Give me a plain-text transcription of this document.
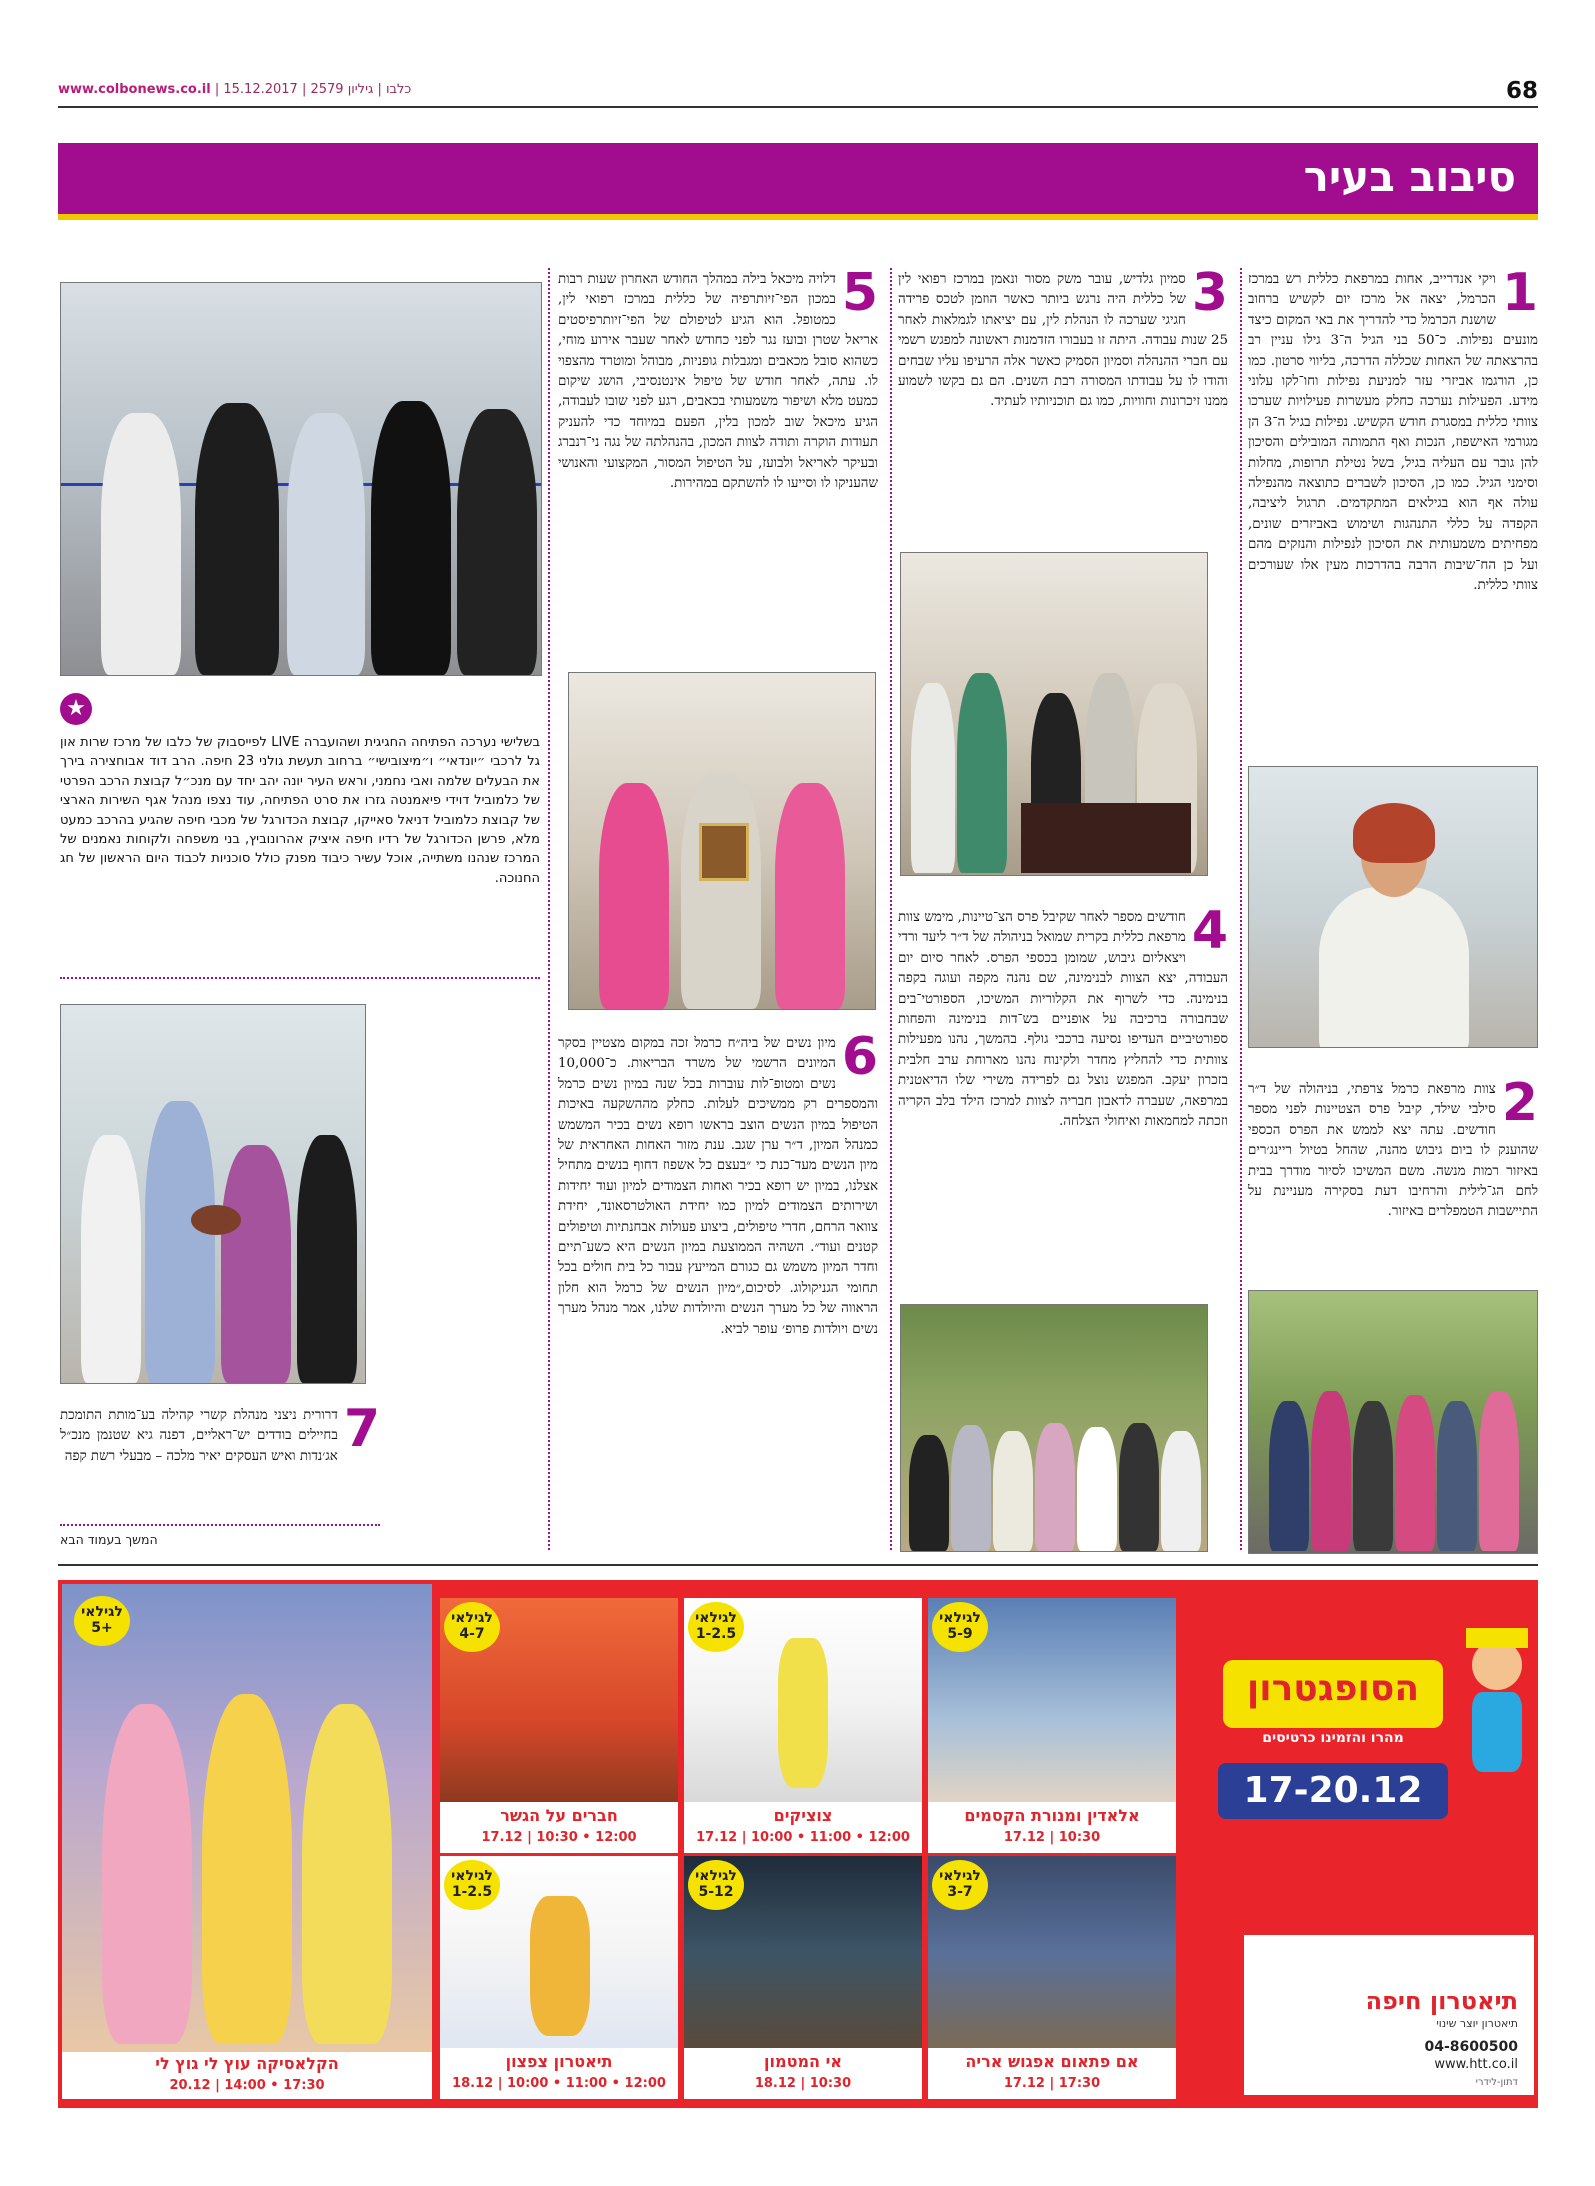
www.colbonews.co.il | כלבו | גיליון 2579 | 15.12.2017	68
סיבוב בעיר
1
ויקי אנדרייב, אחות במרפאת כללית רש במרכז הכרמל, יצאה אל מרכז יום לקשיש ברחוב שושנת הכרמל כדי להדריך את באי המקום כיצד מונעים נפילות. כ־50 בני הגיל ה־3 גילו עניין רב בהרצאתה של האחות שכללה הדרכה, בליווי סרטון. כמו כן, הורגמו אביזרי עזר למניעת נפילות וחו־לקו עלוני מידע. הפעילות נערכה כחלק מעשרות פעילויות שערכו צוותי כללית במסגרת חודש הקשיש. נפילות בגיל ה־3 הן מגורמי האישפוז, הנכות ואף התמותה המובילים והסיכון להן גובר עם העליה בגיל, בשל נטילת תרופות, מחלות וסימני הגיל. כמו כן, הסיכון לשברים כתוצאה מהנפילה עולה אף הוא בגילאים המתקדמים. תרגול ליציבה, הקפדה על כללי התנהגות ושימוש באביזרים שונים, מפחיתים משמעותית את הסיכון לנפילות והנזקים מהם ועל כן הח־שיבות הרבה בהדרכות מעין אלו שעורכים צוותי כללית.
2
צוות מרפאת כרמל צרפתי, בניהולה של ד״ר סילבי שילד, קיבל פרס הצטיינות לפני מספר חודשים. עתה יצא לממש את הפרס הכספי שהוענק לו ביום גיבוש מהנה, שהחל בטיול ריינג׳רים באיזור רמות מנשה. משם המשיכו לסיור מודרך בבית לחם הג־לילית והרחיבו דעת בסקירה מעניינת על התיישבות הטמפלרים באיזור.
3
סמיון גלדיש, עובר משק מסור ונאמן במרכז רפואי לין של כללית היה נרגש ביותר כאשר הוזמן לטכס פרידה חגיגי שערכה לו הנהלת לין, עם יציאתו לגמלאות לאחר 25 שנות עבודה. היתה זו בעבורו הזדמנות ראשונה למפגש רשמי עם חברי ההנהלה וסמיון הסמיק כאשר אלה הרעיפו עליו שבחים והודו לו על עבודתו המסורה רבת השנים. הם גם בקשו לשמוע ממנו זיכרונות וחוויות, כמו גם תוכניותיו לעתיד.
4
חודשים מספר לאחר שקיבל פרס הצ־טיינות, מימש צוות מרפאת כללית בקרית שמואל בניהולה של ד״ר ליעד ורדי ויצאליום גיבוש, שמומן בכספי הפרס. לאחר סיום יום העבודה, יצא הצוות לבנימינה, שם נהנה מקפה ועוגה בקפה בנימינה. כדי לשרוף את הקלוריות המשיכו, הספורטי־בים שבחבורה ברכיבה על אופניים בש־דות בנימינה והפחות ספורטיביים העדיפו נסיעה ברכבי גולף. בהמשך, נהנו מפעילות צוותית כדי להחליץ מחדר ולקינוח נהנו מארוחת ערב חלבית בזכרון יעקב. המפגש נוצל גם לפרידה משירי שלו הדיאטנית במרפאה, שעברה לדאבון חבריה לצוות למרכז הילד בלב הקריה וזכתה למחמאות ואיחולי הצלחה.
5
דלויה מיכאל בילה במהלך החודש האחרון שעות רבות במכון הפי־זיותרפיה של כללית במרכז רפואי לין, כמטופל. הוא הגיע לטיפולם של הפי־זיותרפיסטים אריאל שטרן ובועז נגר לפני כחודש לאחר שעבר אירוע מוחי, כשהוא סובל מכאבים ומגבלות גופניות, מבוהל ומוטרד מהצפוי לו. עתה, לאחר חודש של טיפול אינטנסיבי, הושג שיקום כמעט מלא ושיפור משמעותי בכאבים, רגע לפני שובו לעבודה, הגיע מיכאל שוב למכון בלין, הפעם במיוחד כדי להעניק תעודות הוקרה ותודה לצוות המכון, בהנהלתה של נגה ני־רנברג ובעיקר לאריאל ולבועז, על הטיפול המסור, המקצועי והאנושי שהעניקו לו וסייעו לו להשתקם במהירות.
6
מיון נשים של ביה״ח כרמל זכה במקום מצטיין בסקר המיונים הרשמי של משרד הבריאות. כ־10,000 נשים ומטופ־לות עוברות בכל שנה במיון נשים כרמל והמספרים רק ממשיכים לעלות. כחלק מההשקעה באיכות הטיפול במיון הנשים הוצב בראשו רופא נשים בכיר המשמש כמנהל המיון, ד״ר ערן שגב. ענת מזור האחות האחראית של מיון הנשים מעד־כנת כי ״בעצם כל אשפוז דחוף בנשים מתחיל אצלנו, במיון יש רופא בכיר ואחות הצמודים למיון ועוד יחידות ושירותים הצמודים למיון כמו יחידת האולטרסאונד, יחידת צוואר הרחם, חדרי טיפולים, ביצוע פעולות אבחנתיות וטיפולים קטנים ועוד״. השהיה הממוצעת במיון הנשים היא כשע־תיים וחדר המיון משמש גם כגורם המייעץ עבור כל בית חולים בכל תחומי הגניקולוג. לסיכום,״מיון הנשים של כרמל הוא חלון הראווה של כל מערך הנשים והיולדות שלנו, אמר מנהל מערך נשים ויולדות פרופ׳ עופר לביא.
★
בשלישי נערכה הפתיחה החגיגית ושהועברה LIVE לפייסבוק של כלבו של מרכז שרות און גל לרכבי ״יונדאי״ ו״מיצובישי״ ברחוב תעשת גולני 23 חיפה. הרב דוד אבוחצירה בירך את הבעלים שלמה ואבי נחמני, וראש העיר יונה יהב יחד עם מנכ״ל קבוצת הרכב הפרטי של כלמוביל דוידי פיאמנטה גזרו את סרט הפתיחה, עוד נצפו מנהל אגף השירות הארצי של קבוצת כלמוביל דניאל סאייקו, קבוצת הכדורגל של מכבי חיפה שהגיע בהרכב כמעט מלא, פרשן הכדורגל של רדיו חיפה איציק אהרונוביץ, בני משפחה ולקוחות נאמנים של המרכז שנהנו משתייה, אוכל עשיר כיבוד מפנק כולל סוכניות לכבוד היום הראשון של חג החנוכה.
7
דרורית ניצני מנהלת קשרי קהילה בע־מותת התומכת בחיילים בודדים יש־ראליים, דפנה גיא שטנמן מנכ״ל אג׳נדות ואיש העסקים יאיר מלכה – מבעלי רשת קפה
המשך בעמוד הבא
לגילאי
5-9
אלאדין ומנורת הקסמים
10:30 | 17.12
לגילאי
1-2.5
צוציקים
12:00 • 11:00 • 10:00 | 17.12
לגילאי
4-7
חברים על הגשר
12:00 • 10:30 | 17.12
לגילאי
+5
הקלאסיקה עוץ לי גוץ לי
17:30 • 14:00 | 20.12
לגילאי
3-7
אם פתאום אפגוש אריה
17:30 | 17.12
לגילאי
5-12
אי המטמון
10:30 | 18.12
לגילאי
1-2.5
תיאטרון צפצון
12:00 • 11:00 • 10:00 | 18.12
הסופגטרון
מהרו והזמינו כרטיסים
17-20.12
תיאטרון חיפה
תיאטרון יוצר שינוי
04-8600500
www.htt.co.il
דתון-לידרי
